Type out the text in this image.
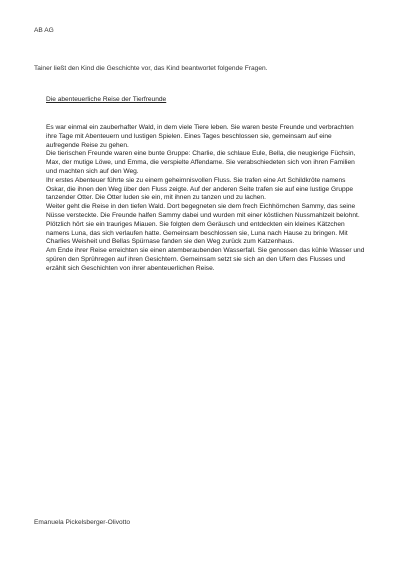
AB AG
Tainer ließt den Kind die Geschichte vor, das Kind beantwortet folgende Fragen.
Die abenteuerliche Reise der Tierfreunde

Es war einmal ein zauberhafter Wald, in dem viele Tiere leben. Sie waren beste Freunde und verbrachten ihre Tage mit Abenteuern und lustigen Spielen. Eines Tages beschlossen sie, gemeinsam auf eine aufregende Reise zu gehen.

Die tierischen Freunde waren eine bunte Gruppe: Charlie, die schlaue Eule, Bella, die neugierige Füchsin, Max, der mutige Löwe, und Emma, die verspielte Affendame. Sie verabschiedeten sich von ihren Familien und machten sich auf den Weg.

Ihr erstes Abenteuer führte sie zu einem geheimnisvollen Fluss. Sie trafen eine Art Schildkröte namens Oskar, die ihnen den Weg über den Fluss zeigte. Auf der anderen Seite trafen sie auf eine lustige Gruppe tanzender Otter. Die Otter luden sie ein, mit ihnen zu tanzen und zu lachen.

Weiter geht die Reise in den tiefen Wald. Dort begegneten sie dem frech Eichhörnchen Sammy, das seine Nüsse versteckte. Die Freunde halfen Sammy dabei und wurden mit einer köstlichen Nussmahlzeit belohnt.

Plötzlich hört sie ein trauriges Miauen. Sie folgten dem Geräusch und entdeckten ein kleines Kätzchen namens Luna, das sich verlaufen hatte. Gemeinsam beschlossen sie, Luna nach Hause zu bringen. Mit Charlies Weisheit und Bellas Spürnase fanden sie den Weg zurück zum Katzenhaus.

Am Ende ihrer Reise erreichten sie einen atemberaubenden Wasserfall. Sie genossen das kühle Wasser und spüren den Sprühregen auf ihren Gesichtern. Gemeinsam setzt sie sich an den Ufern des Flusses und erzählt sich Geschichten von ihrer abenteuerlichen Reise.

Emanuela Pickelsberger-Olivotto
